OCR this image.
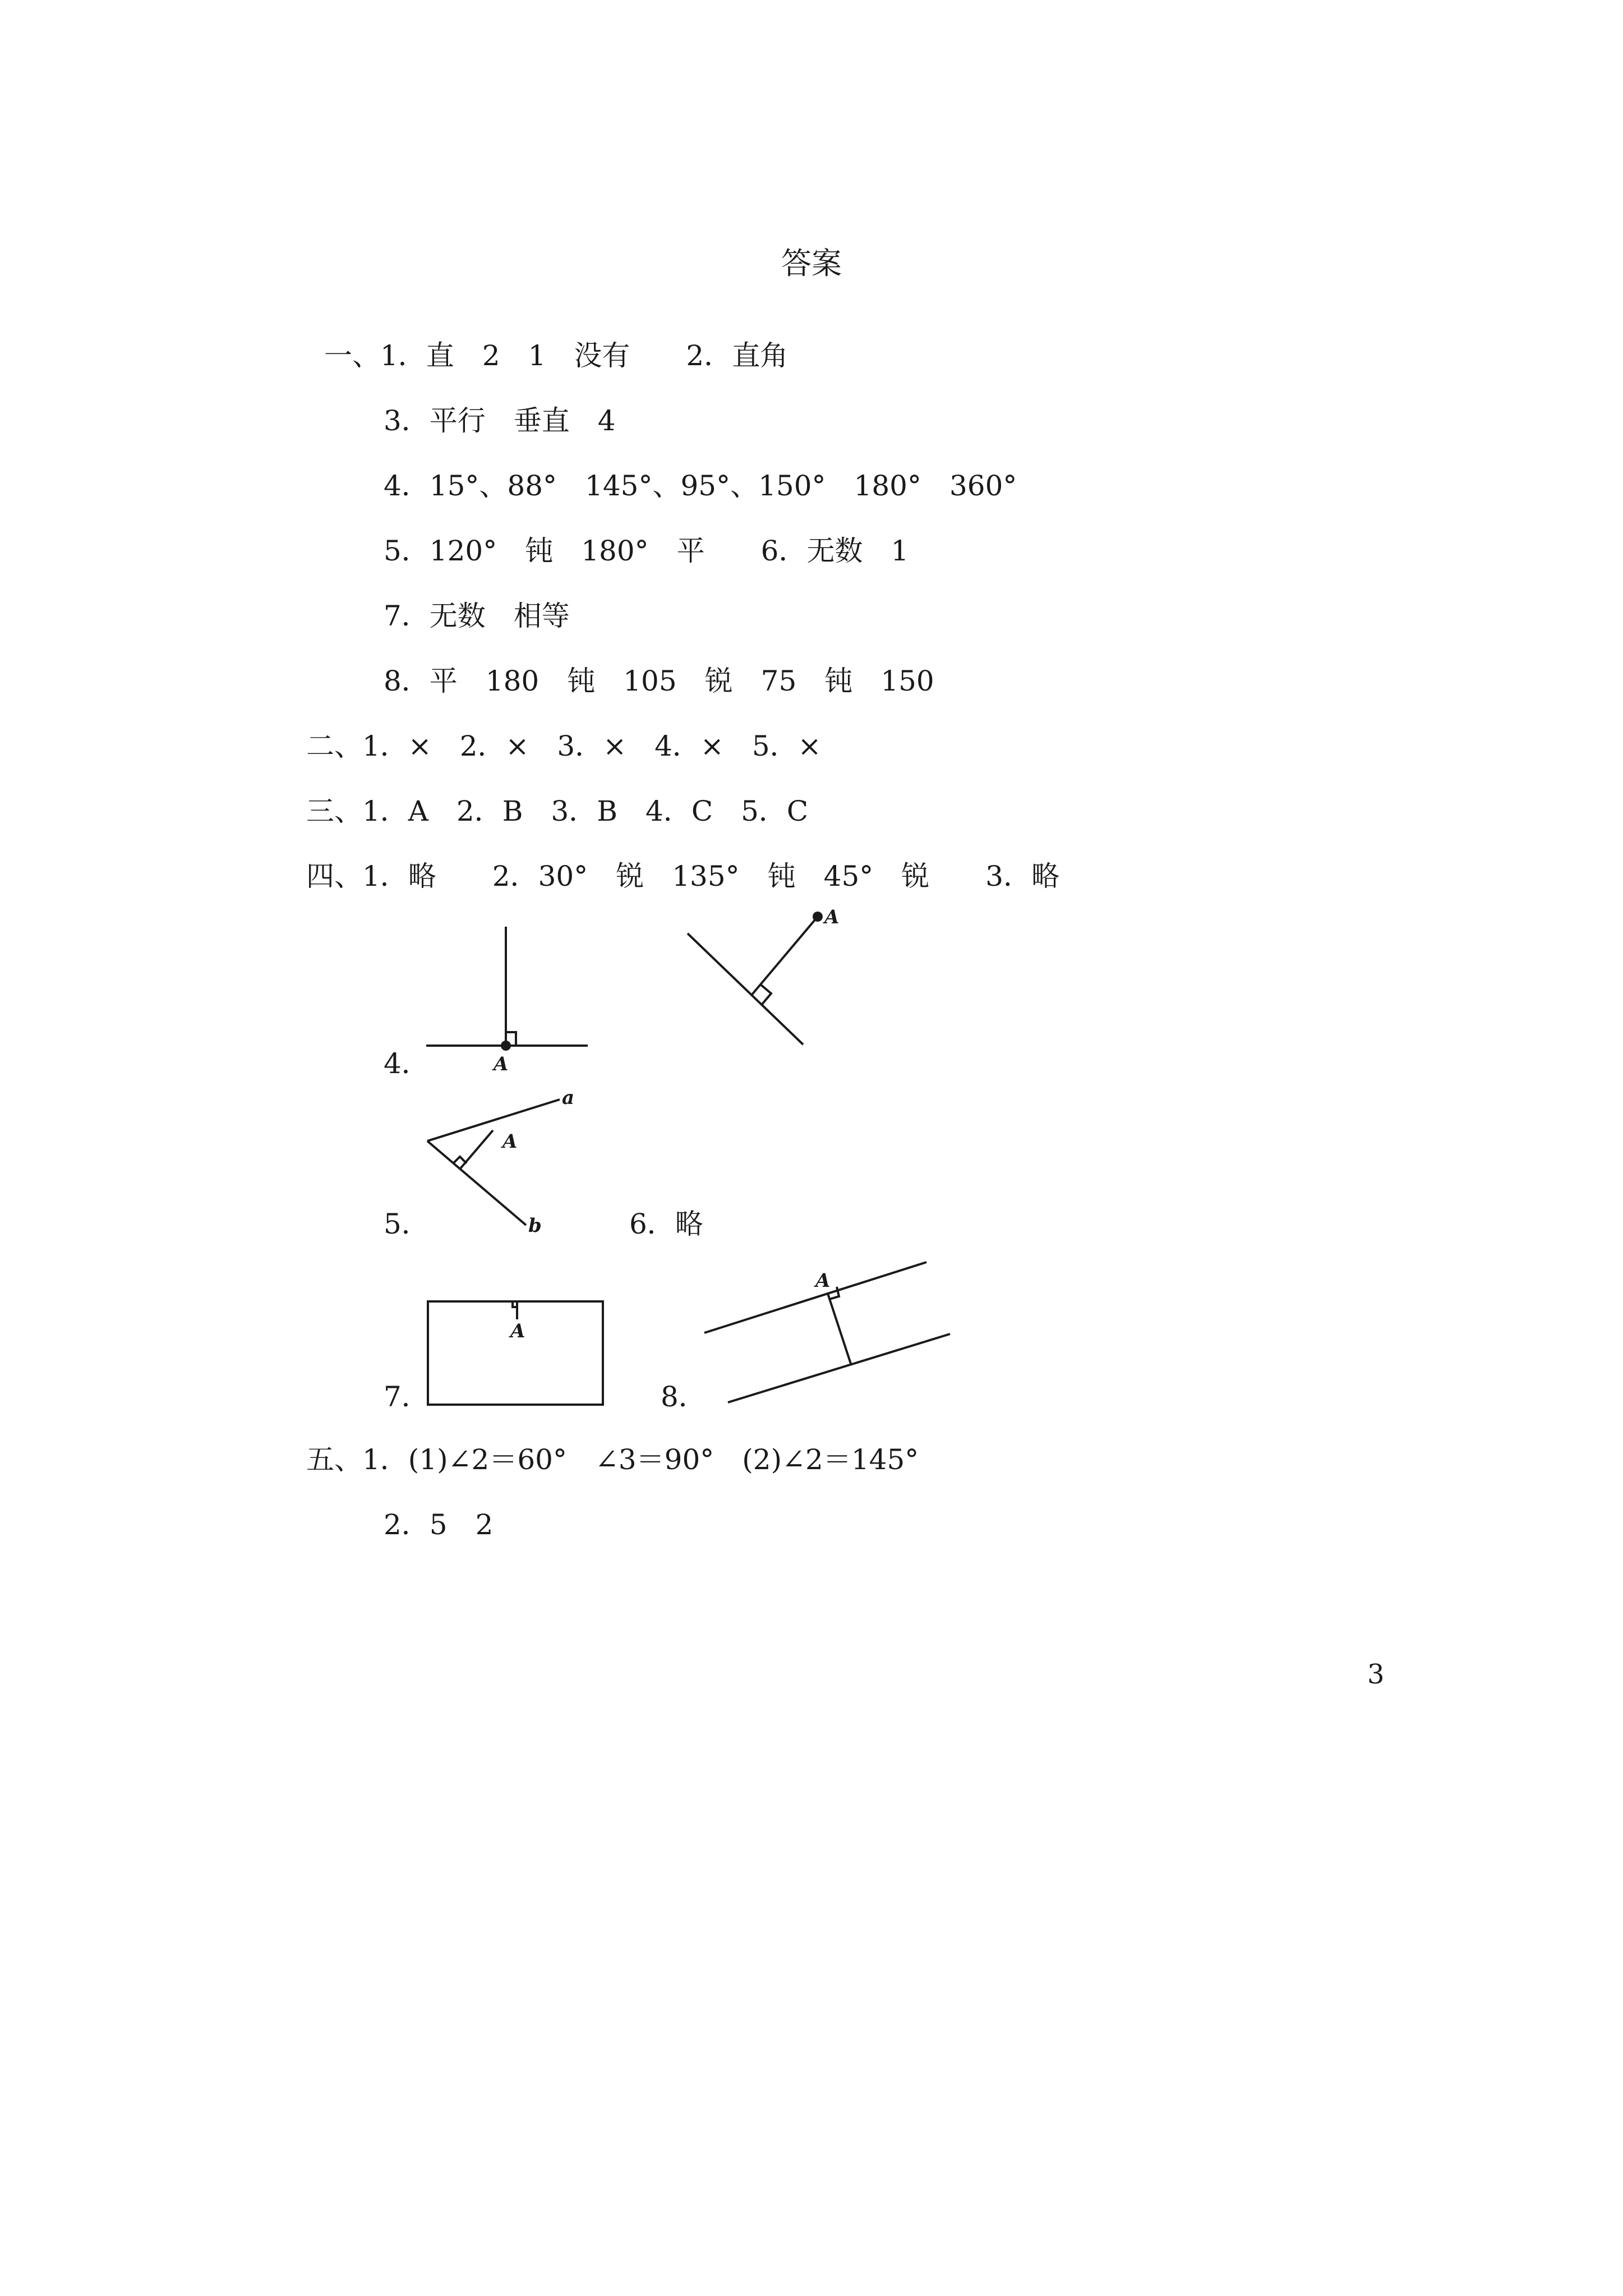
答案
一、1．直　2　1　没有　　2．直角
3．平行　垂直　4
4．15°、88°　145°、95°、150°　180°　360°
5．120°　钝　180°　平　　6．无数　1
7．无数　相等
8．平　180　钝　105　锐　75　钝　150
二、1．×　2．×　3．×　4．×　5．×
三、1．A　2．B　3．B　4．C　5．C
四、1．略　　2．30°　锐　135°　钝　45°　锐　　3．略
4．
5．	6．略
7．	8．
五、1．(1)∠2＝60°　∠3＝90°　(2)∠2＝145°
2．5　2
A
A
A
a
b
A
A
3
